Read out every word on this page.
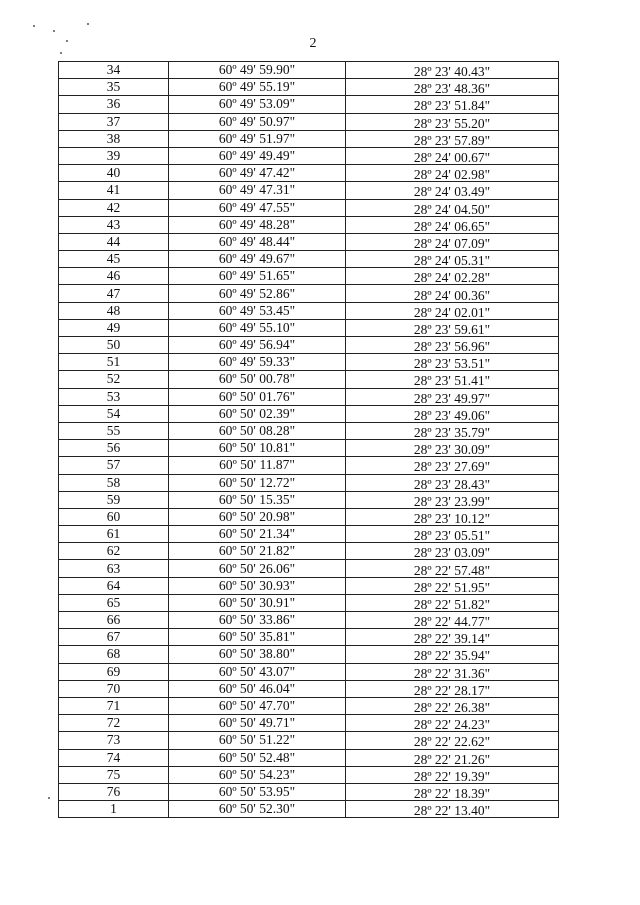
2
34	60º 49' 59.90"	28º 23' 40.43"
35	60º 49' 55.19"	28º 23' 48.36"
36	60º 49' 53.09"	28º 23' 51.84"
37	60º 49' 50.97"	28º 23' 55.20"
38	60º 49' 51.97"	28º 23' 57.89"
39	60º 49' 49.49"	28º 24' 00.67"
40	60º 49' 47.42"	28º 24' 02.98"
41	60º 49' 47.31"	28º 24' 03.49"
42	60º 49' 47.55"	28º 24' 04.50"
43	60º 49' 48.28"	28º 24' 06.65"
44	60º 49' 48.44"	28º 24' 07.09"
45	60º 49' 49.67"	28º 24' 05.31"
46	60º 49' 51.65"	28º 24' 02.28"
47	60º 49' 52.86"	28º 24' 00.36"
48	60º 49' 53.45"	28º 24' 02.01"
49	60º 49' 55.10"	28º 23' 59.61"
50	60º 49' 56.94"	28º 23' 56.96"
51	60º 49' 59.33"	28º 23' 53.51"
52	60º 50' 00.78"	28º 23' 51.41"
53	60º 50' 01.76"	28º 23' 49.97"
54	60º 50' 02.39"	28º 23' 49.06"
55	60º 50' 08.28"	28º 23' 35.79"
56	60º 50' 10.81"	28º 23' 30.09"
57	60º 50' 11.87"	28º 23' 27.69"
58	60º 50' 12.72"	28º 23' 28.43"
59	60º 50' 15.35"	28º 23' 23.99"
60	60º 50' 20.98"	28º 23' 10.12"
61	60º 50' 21.34"	28º 23' 05.51"
62	60º 50' 21.82"	28º 23' 03.09"
63	60º 50' 26.06"	28º 22' 57.48"
64	60º 50' 30.93"	28º 22' 51.95"
65	60º 50' 30.91"	28º 22' 51.82"
66	60º 50' 33.86"	28º 22' 44.77"
67	60º 50' 35.81"	28º 22' 39.14"
68	60º 50' 38.80"	28º 22' 35.94"
69	60º 50' 43.07"	28º 22' 31.36"
70	60º 50' 46.04"	28º 22' 28.17"
71	60º 50' 47.70"	28º 22' 26.38"
72	60º 50' 49.71"	28º 22' 24.23"
73	60º 50' 51.22"	28º 22' 22.62"
74	60º 50' 52.48"	28º 22' 21.26"
75	60º 50' 54.23"	28º 22' 19.39"
76	60º 50' 53.95"	28º 22' 18.39"
1	60º 50' 52.30"	28º 22' 13.40"
